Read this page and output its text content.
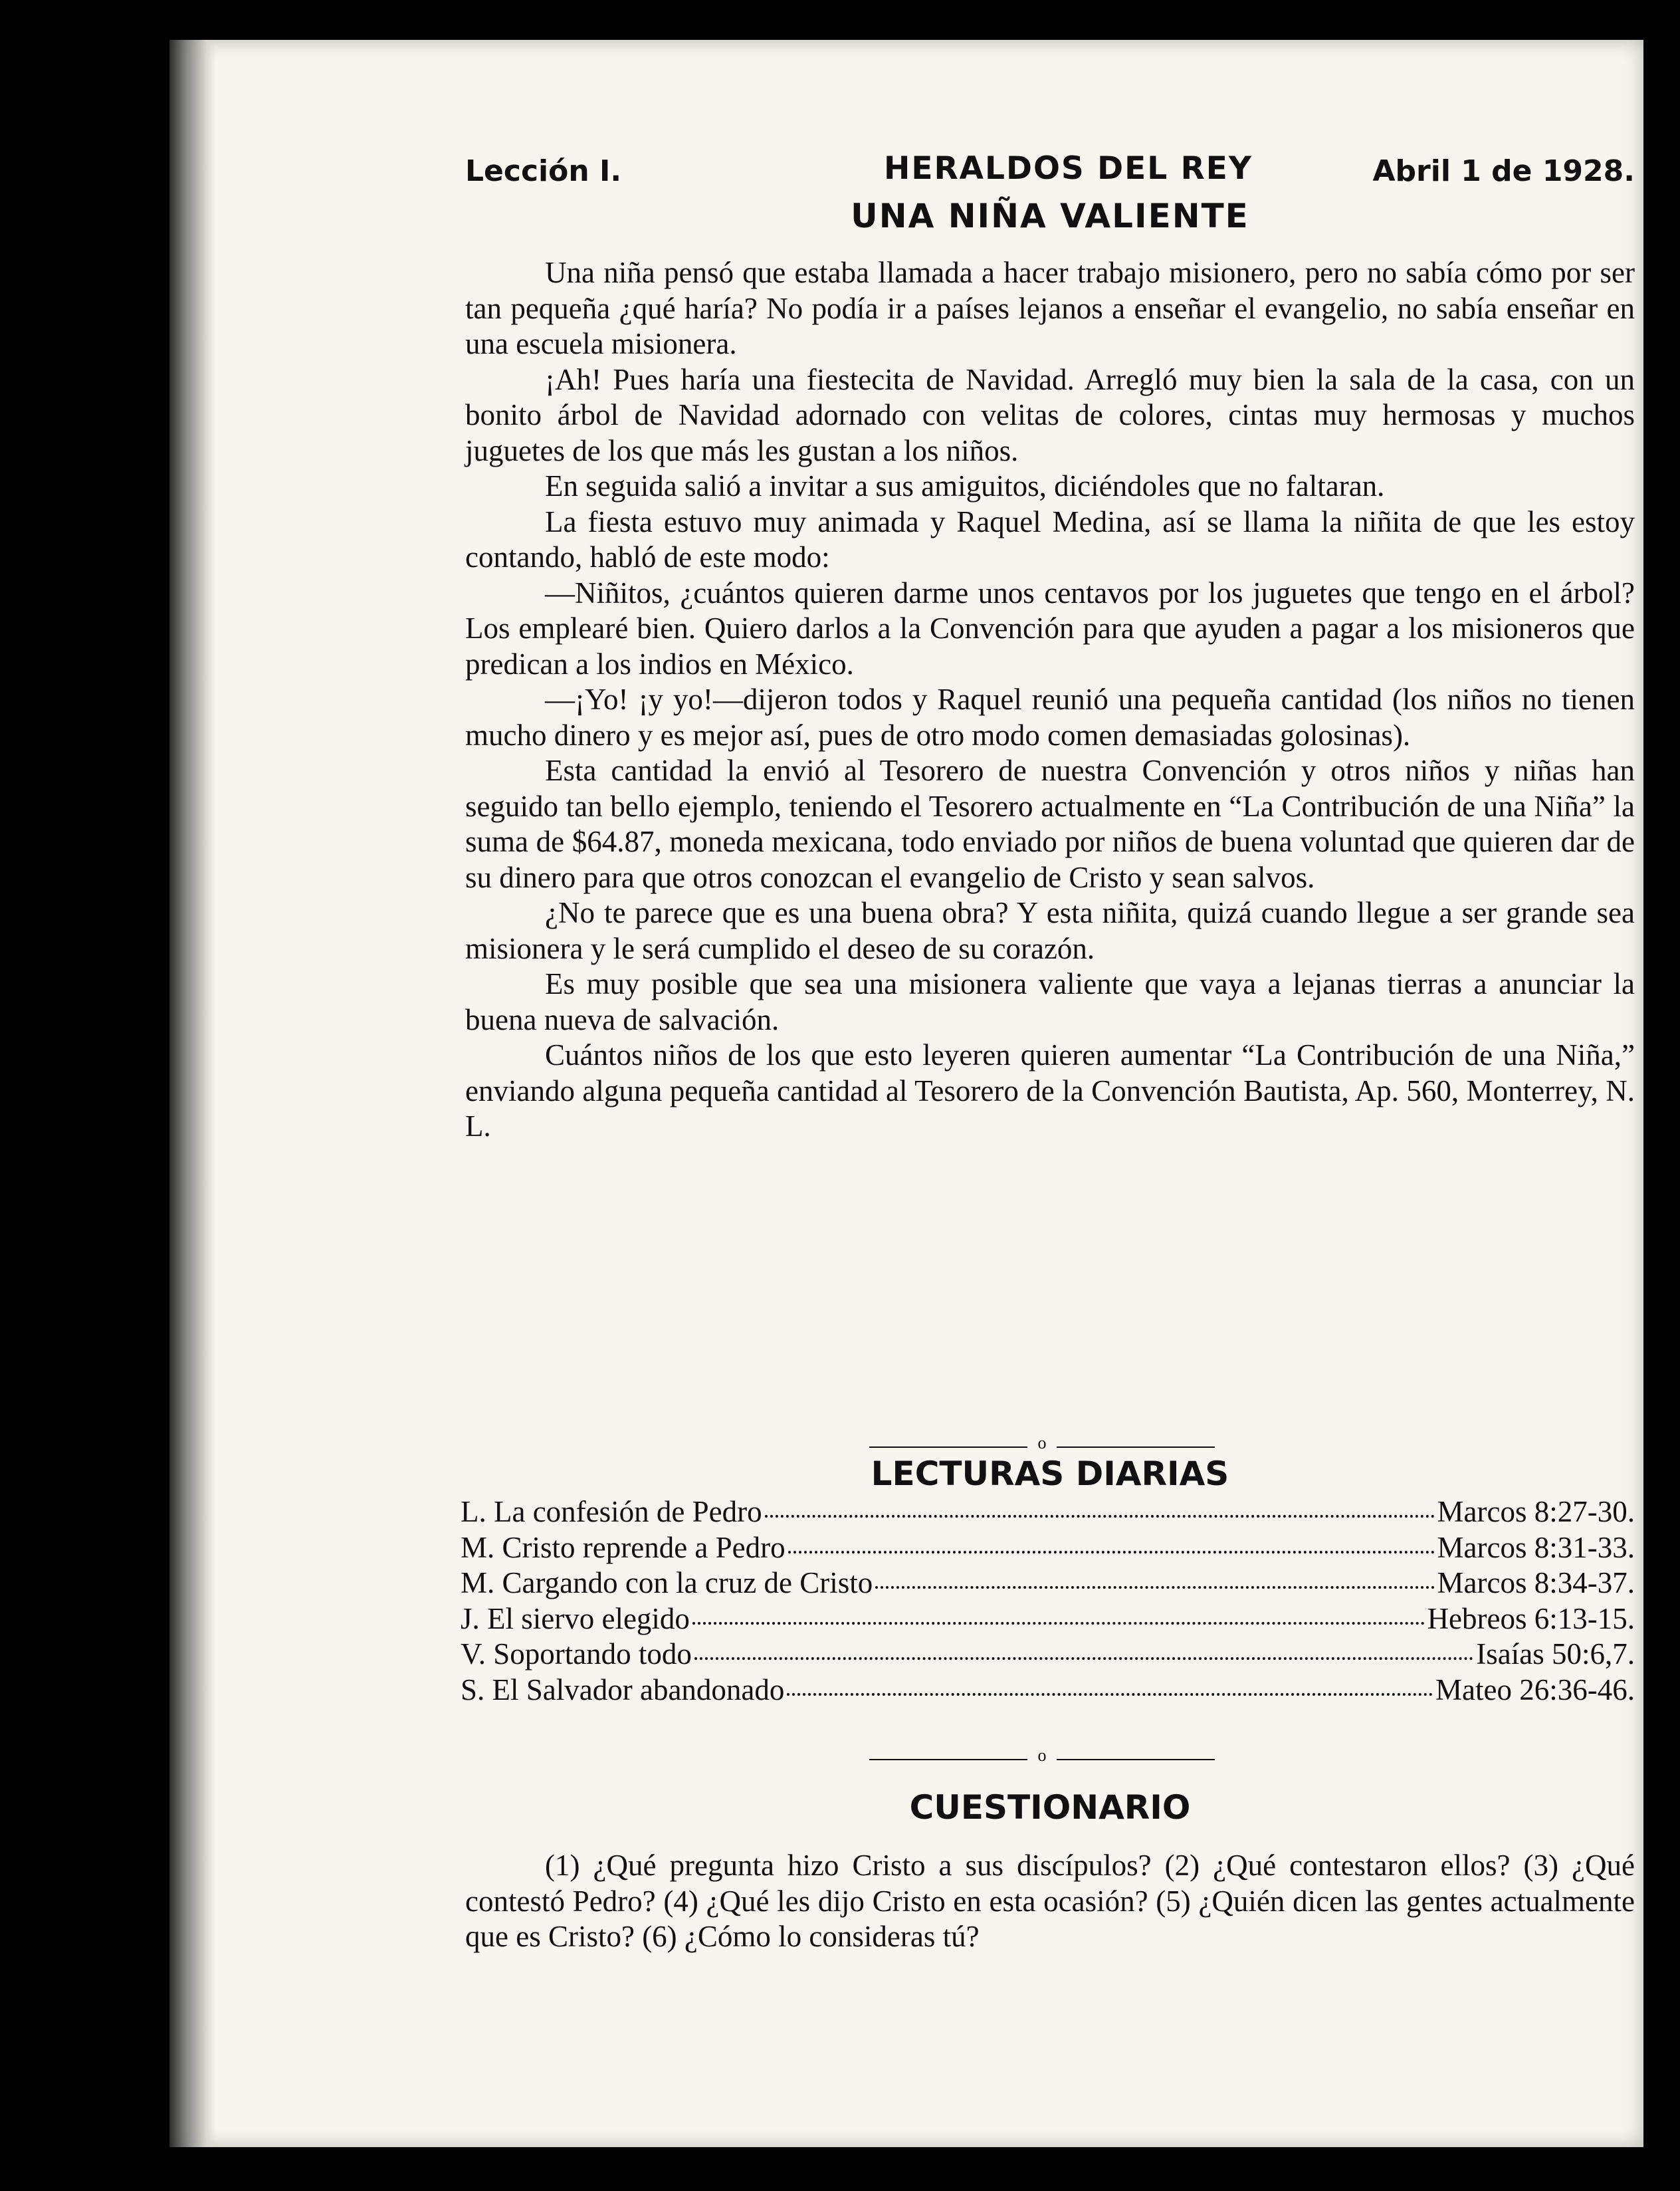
Lección I.	HERALDOS DEL REY	Abril 1 de 1928.
UNA NIÑA VALIENTE

Una niña pensó que estaba llamada a hacer trabajo misionero, pero no sabía cómo por ser tan pequeña ¿qué haría? No podía ir a países lejanos a enseñar el evangelio, no sabía enseñar en una escuela misionera.

¡Ah! Pues haría una fiestecita de Navidad. Arregló muy bien la sala de la casa, con un bonito árbol de Navidad adornado con velitas de colores, cintas muy hermosas y muchos juguetes de los que más les gustan a los niños.

En seguida salió a invitar a sus amiguitos, diciéndoles que no faltaran.

La fiesta estuvo muy animada y Raquel Medina, así se llama la niñita de que les estoy contando, habló de este modo:

—Niñitos, ¿cuántos quieren darme unos centavos por los juguetes que tengo en el árbol? Los emplearé bien. Quiero darlos a la Convención para que ayuden a pagar a los misioneros que predican a los indios en México.

—¡Yo! ¡y yo!—dijeron todos y Raquel reunió una pequeña cantidad (los niños no tienen mucho dinero y es mejor así, pues de otro modo comen demasiadas golosinas).

Esta cantidad la envió al Tesorero de nuestra Convención y otros niños y niñas han seguido tan bello ejemplo, teniendo el Tesorero actualmente en “La Contribución de una Niña” la suma de $64.87, moneda mexicana, todo enviado por niños de buena voluntad que quieren dar de su dinero para que otros conozcan el evangelio de Cristo y sean salvos.

¿No te parece que es una buena obra? Y esta niñita, quizá cuando llegue a ser grande sea misionera y le será cumplido el deseo de su corazón.

Es muy posible que sea una misionera valiente que vaya a lejanas tierras a anunciar la buena nueva de salvación.

Cuántos niños de los que esto leyeren quieren aumentar “La Contribución de una Niña,” enviando alguna pequeña cantidad al Tesorero de la Convención Bautista, Ap. 560, Monterrey, N. L.

o
LECTURAS DIARIAS
L. La confesión de Pedro	Marcos 8:27-30.
M. Cristo reprende a Pedro	Marcos 8:31-33.
M. Cargando con la cruz de Cristo	Marcos 8:34-37.
J. El siervo elegido	Hebreos 6:13-15.
V. Soportando todo	Isaías 50:6,7.
S. El Salvador abandonado	Mateo 26:36-46.
o
CUESTIONARIO

(1) ¿Qué pregunta hizo Cristo a sus discípulos? (2) ¿Qué contestaron ellos? (3) ¿Qué contestó Pedro? (4) ¿Qué les dijo Cristo en esta ocasión? (5) ¿Quién dicen las gentes actualmente que es Cristo? (6) ¿Cómo lo consideras tú?
